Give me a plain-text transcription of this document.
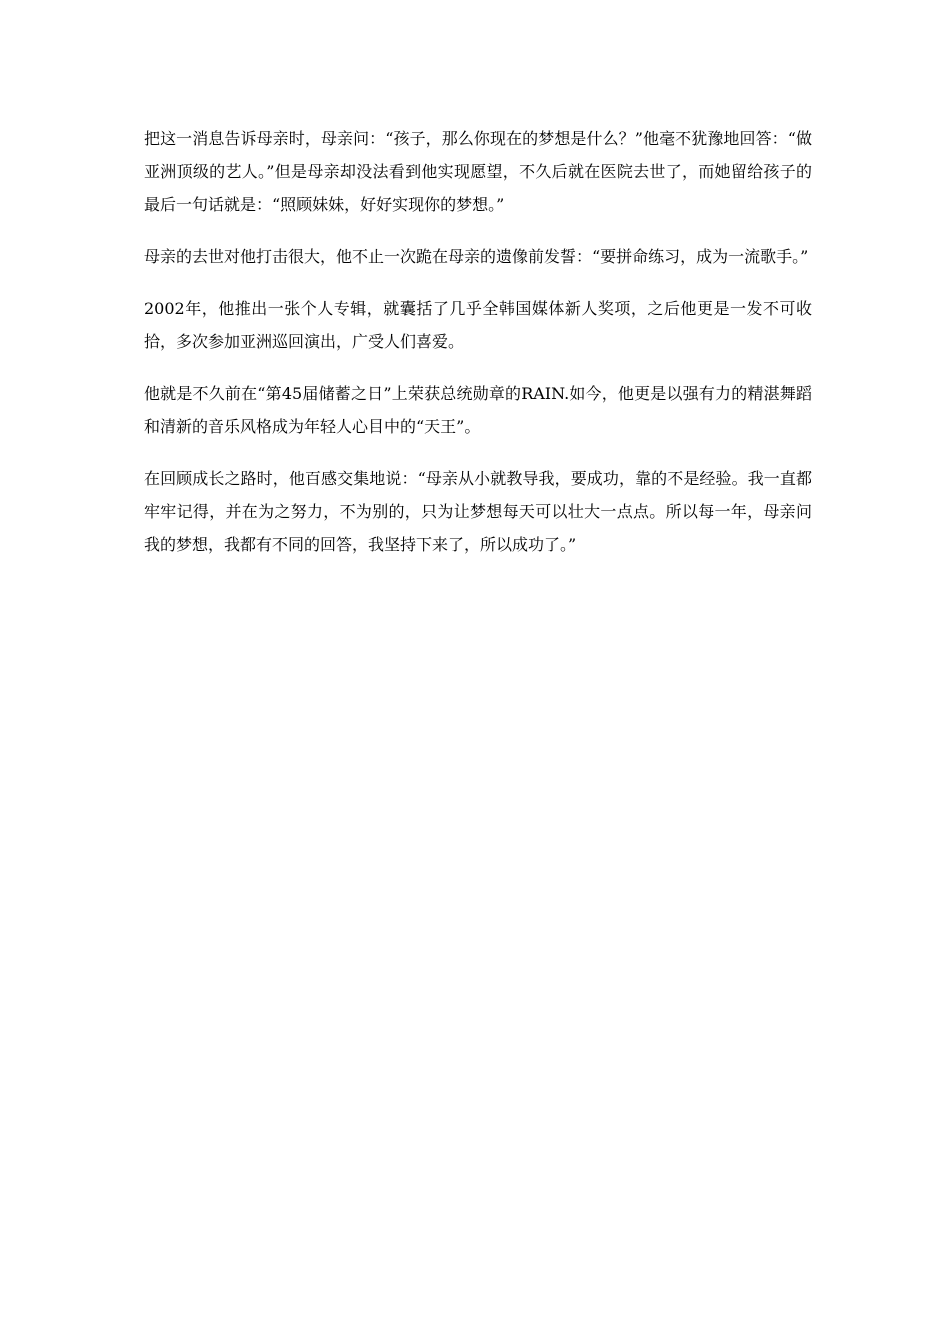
把这一消息告诉母亲时，母亲问：“孩子，那么你现在的梦想是什么？”他毫不犹豫地回答：“做亚洲顶级的艺人。”但是母亲却没法看到他实现愿望，不久后就在医院去世了，而她留给孩子的最后一句话就是：“照顾妹妹，好好实现你的梦想。”

母亲的去世对他打击很大，他不止一次跪在母亲的遗像前发誓：“要拼命练习，成为一流歌手。”

2002年，他推出一张个人专辑，就囊括了几乎全韩国媒体新人奖项，之后他更是一发不可收拾，多次参加亚洲巡回演出，广受人们喜爱。

他就是不久前在“第45届储蓄之日”上荣获总统勋章的RAIN.如今，他更是以强有力的精湛舞蹈和清新的音乐风格成为年轻人心目中的“天王”。

在回顾成长之路时，他百感交集地说：“母亲从小就教导我，要成功，靠的不是经验。我一直都牢牢记得，并在为之努力，不为别的，只为让梦想每天可以壮大一点点。所以每一年，母亲问我的梦想，我都有不同的回答，我坚持下来了，所以成功了。”
